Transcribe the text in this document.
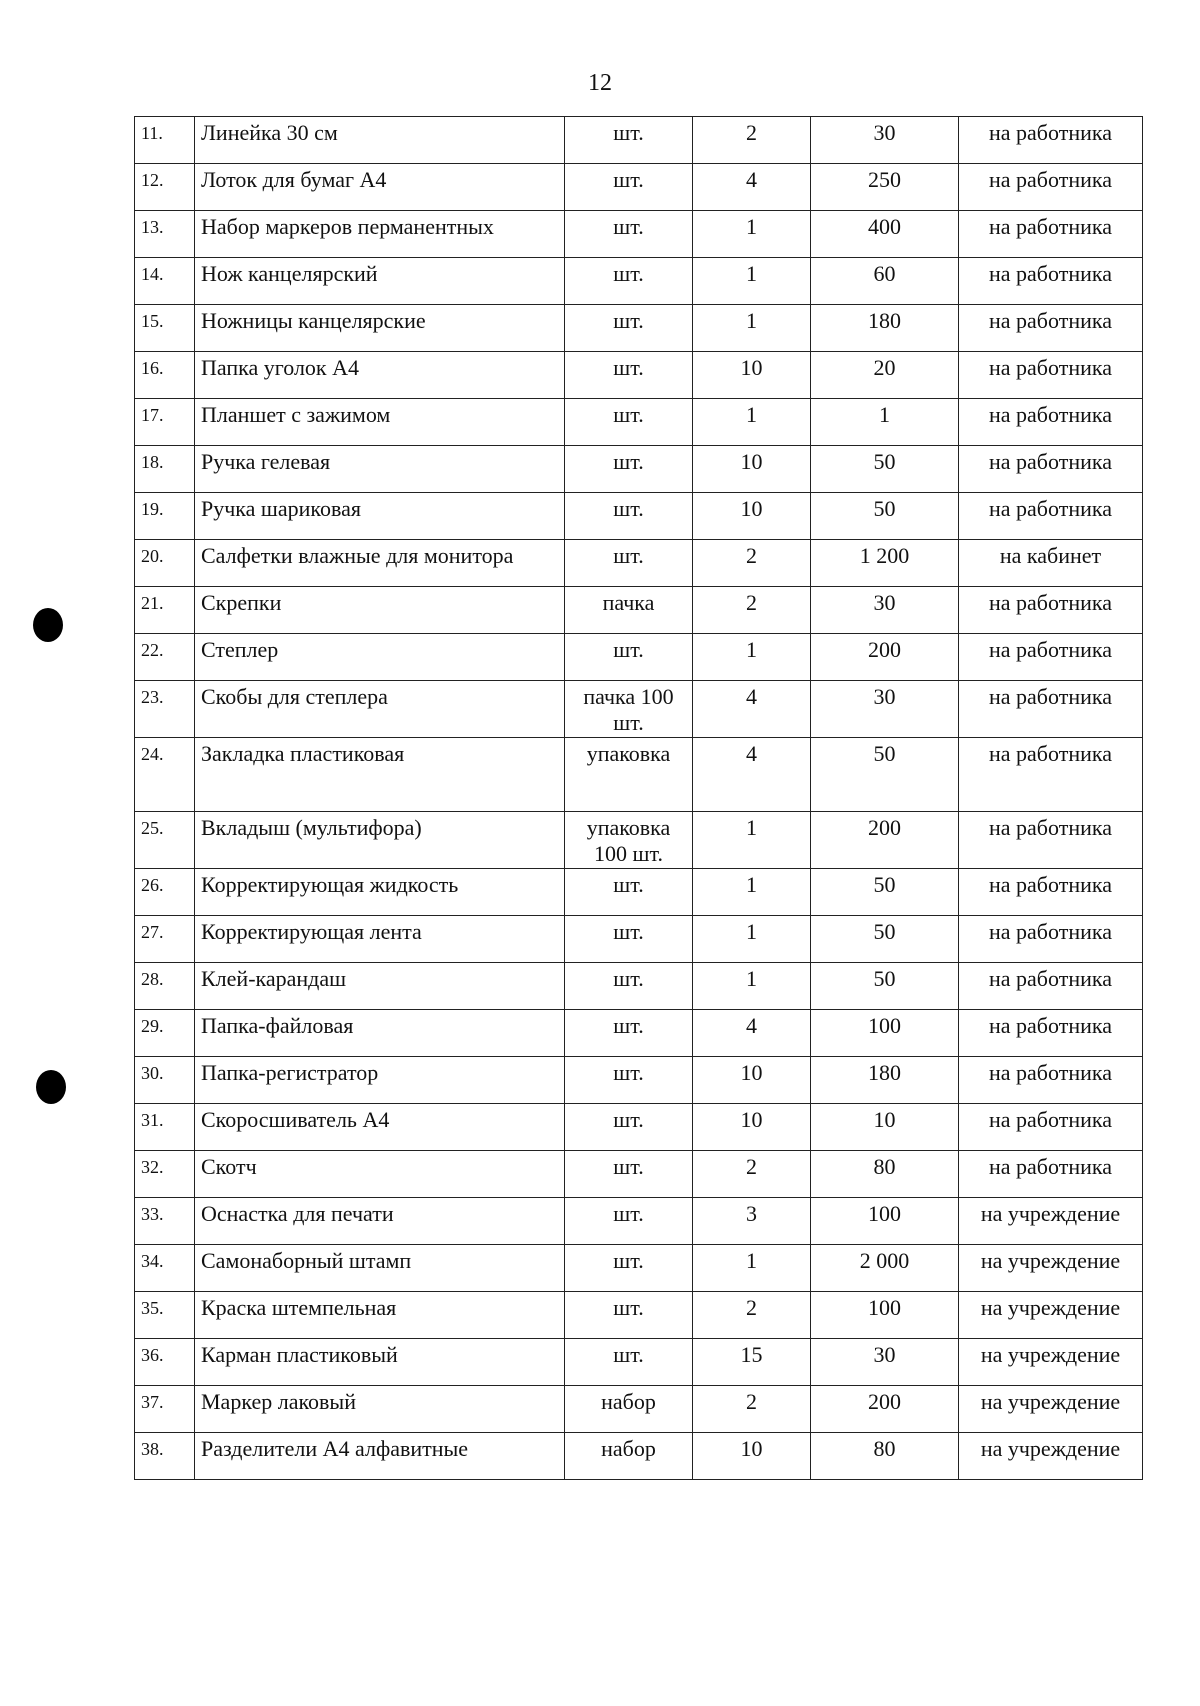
12
11.	Линейка 30 см	шт.	2	30	на работника
12.	Лоток для бумаг А4	шт.	4	250	на работника
13.	Набор маркеров перманентных	шт.	1	400	на работника
14.	Нож канцелярский	шт.	1	60	на работника
15.	Ножницы канцелярские	шт.	1	180	на работника
16.	Папка уголок А4	шт.	10	20	на работника
17.	Планшет с зажимом	шт.	1	1	на работника
18.	Ручка гелевая	шт.	10	50	на работника
19.	Ручка шариковая	шт.	10	50	на работника
20.	Салфетки влажные для монитора	шт.	2	1 200	на кабинет
21.	Скрепки	пачка	2	30	на работника
22.	Степлер	шт.	1	200	на работника
23.	Скобы для степлера	пачка 100 шт.	4	30	на работника
24.	Закладка пластиковая	упаковка	4	50	на работника
25.	Вкладыш (мультифора)	упаковка 100 шт.	1	200	на работника
26.	Корректирующая жидкость	шт.	1	50	на работника
27.	Корректирующая лента	шт.	1	50	на работника
28.	Клей-карандаш	шт.	1	50	на работника
29.	Папка-файловая	шт.	4	100	на работника
30.	Папка-регистратор	шт.	10	180	на работника
31.	Скоросшиватель А4	шт.	10	10	на работника
32.	Скотч	шт.	2	80	на работника
33.	Оснастка для печати	шт.	3	100	на учреждение
34.	Самонаборный штамп	шт.	1	2 000	на учреждение
35.	Краска штемпельная	шт.	2	100	на учреждение
36.	Карман пластиковый	шт.	15	30	на учреждение
37.	Маркер лаковый	набор	2	200	на учреждение
38.	Разделители А4 алфавитные	набор	10	80	на учреждение
